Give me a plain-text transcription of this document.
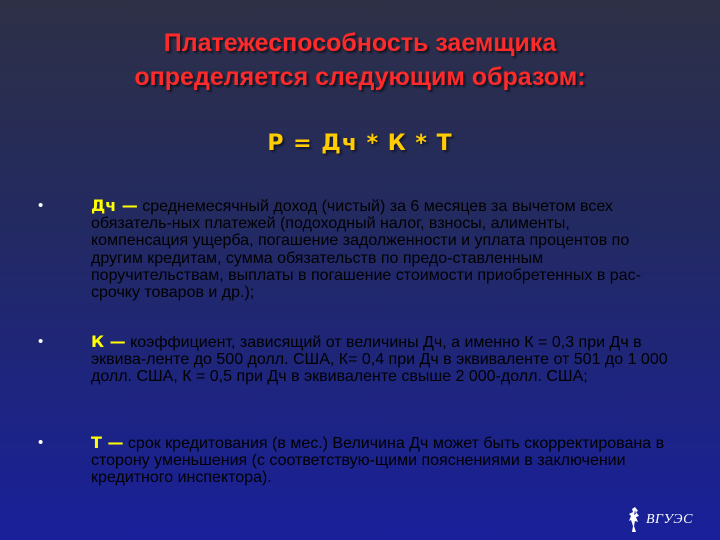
Платежеспособность заемщика
определяется следующим образом:
Р = Дч * К * Т
•	Дч — среднемесячный доход (чистый) за 6 месяцев за вычетом всех обязатель-ных платежей (подоходный налог, взносы, алименты, компенсация ущерба, погашение задолженности и уплата процентов по другим кредитам, сумма обязательств по предо-ставленным поручительствам, выплаты в погашение стоимости приобретенных в рас-срочку товаров и др.);
•	К — коэффициент, зависящий от величины Дч, а именно К = 0,3 при Дч в эквива-ленте до 500 долл. США, К= 0,4 при Дч в эквиваленте от 501 до 1 000 долл. США, К = 0,5 при Дч в эквиваленте свыше 2 000-долл. США;
•	Т — срок кредитования (в мес.) Величина Дч может быть скорректирована в сторону уменьшения (с соответствую-щими пояснениями в заключении кредитного инспектора).
ВГУЭС
